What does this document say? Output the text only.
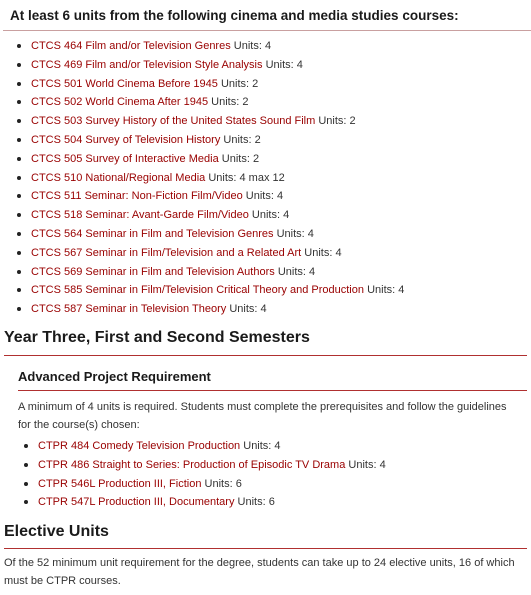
At least 6 units from the following cinema and media studies courses:
CTCS 464 Film and/or Television Genres Units: 4
CTCS 469 Film and/or Television Style Analysis Units: 4
CTCS 501 World Cinema Before 1945 Units: 2
CTCS 502 World Cinema After 1945 Units: 2
CTCS 503 Survey History of the United States Sound Film Units: 2
CTCS 504 Survey of Television History Units: 2
CTCS 505 Survey of Interactive Media Units: 2
CTCS 510 National/Regional Media Units: 4 max 12
CTCS 511 Seminar: Non-Fiction Film/Video Units: 4
CTCS 518 Seminar: Avant-Garde Film/Video Units: 4
CTCS 564 Seminar in Film and Television Genres Units: 4
CTCS 567 Seminar in Film/Television and a Related Art Units: 4
CTCS 569 Seminar in Film and Television Authors Units: 4
CTCS 585 Seminar in Film/Television Critical Theory and Production Units: 4
CTCS 587 Seminar in Television Theory Units: 4
Year Three, First and Second Semesters
Advanced Project Requirement
A minimum of 4 units is required. Students must complete the prerequisites and follow the guidelines for the course(s) chosen:
CTPR 484 Comedy Television Production Units: 4
CTPR 486 Straight to Series: Production of Episodic TV Drama Units: 4
CTPR 546L Production III, Fiction Units: 6
CTPR 547L Production III, Documentary Units: 6
Elective Units
Of the 52 minimum unit requirement for the degree, students can take up to 24 elective units, 16 of which must be CTPR courses.
